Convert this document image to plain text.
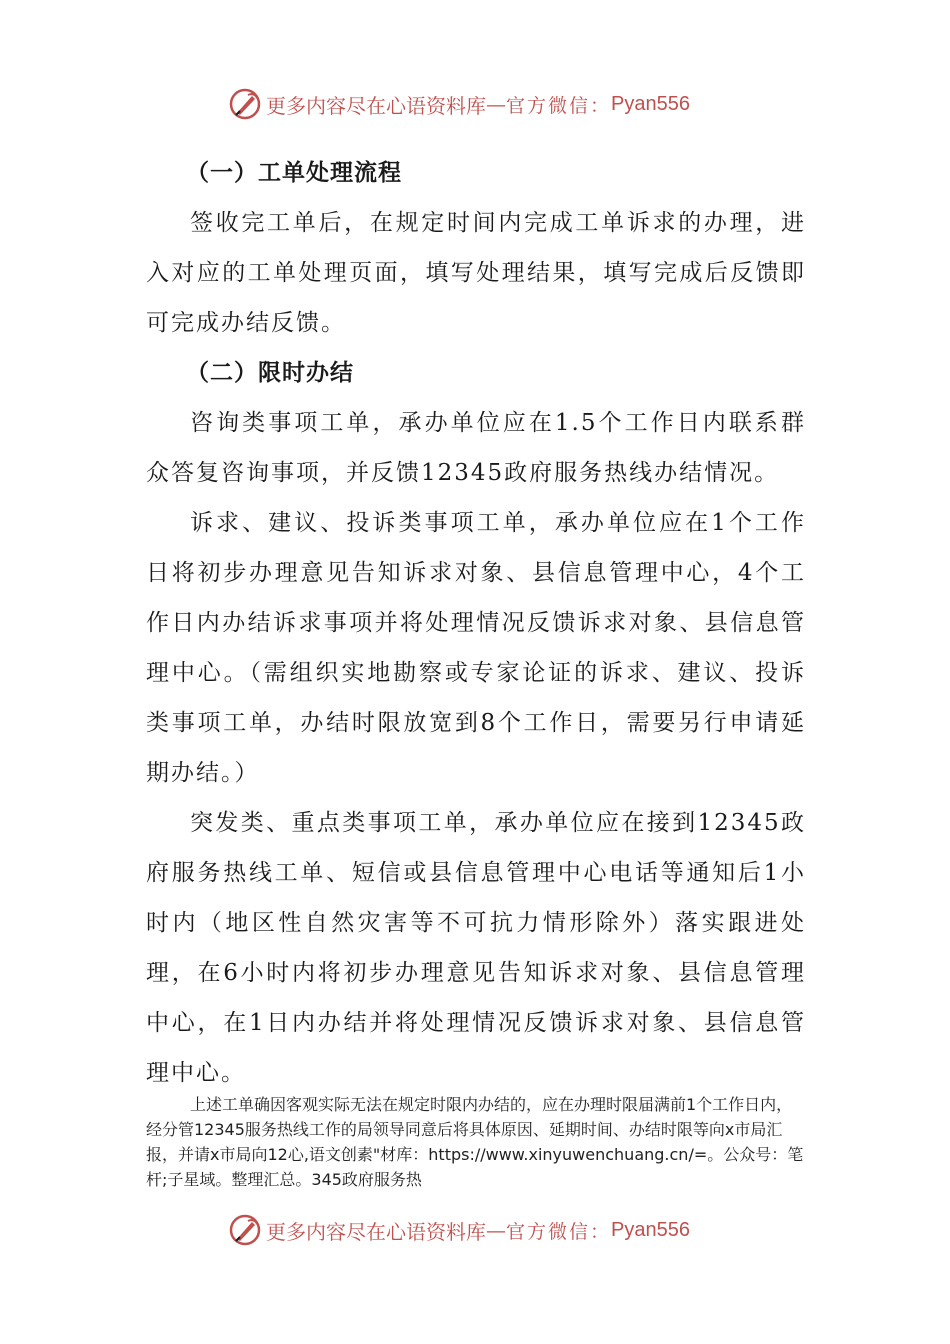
更多内容尽在心语资料库 — 官方微信： Pyan556
（一）工单处理流程

签收完工单后，在规定时间内完成工单诉求的办理，进入对应的工单处理页面，填写处理结果，填写完成后反馈即可完成办结反馈。

（二）限时办结

咨询类事项工单，承办单位应在1.5个工作日内联系群众答复咨询事项，并反馈12345政府服务热线办结情况。

诉求、建议、投诉类事项工单，承办单位应在1个工作日将初步办理意见告知诉求对象、县信息管理中心，4个工作日内办结诉求事项并将处理情况反馈诉求对象、县信息管理中心。（需组织实地勘察或专家论证的诉求、建议、投诉类事项工单，办结时限放宽到8个工作日，需要另行申请延期办结。）

突发类、重点类事项工单，承办单位应在接到12345政府服务热线工单、短信或县信息管理中心电话等通知后1小时内（地区性自然灾害等不可抗力情形除外）落实跟进处理，在6小时内将初步办理意见告知诉求对象、县信息管理中心，在1日内办结并将处理情况反馈诉求对象、县信息管理中心。

上述工单确因客观实际无法在规定时限内办结的，应在办理时限届满前1个工作日内，经分管12345服务热线工作的局领导同意后将具体原因、延期时间、办结时限等向x市局汇报，并请x市局向12心,语文创素"材库：https://www.xinyuwenchuang.cn/=。公众号：笔杆;子星域。整理汇总。345政府服务热

更多内容尽在心语资料库 — 官方微信： Pyan556
